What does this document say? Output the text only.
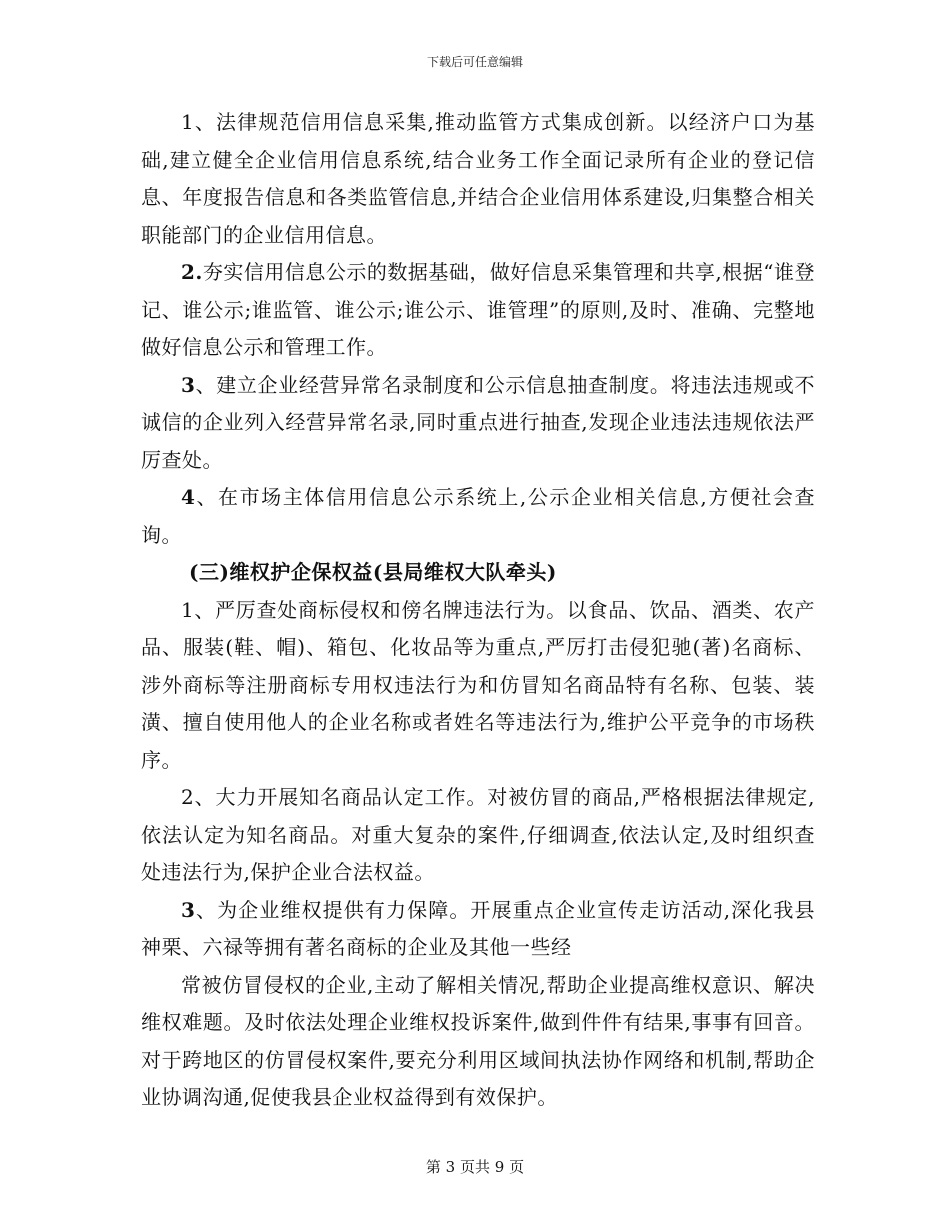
下载后可任意编辑

1、法律规范信用信息采集,推动监管方式集成创新。以经济户口为基础,建立健全企业信用信息系统,结合业务工作全面记录所有企业的登记信息、年度报告信息和各类监管信息,并结合企业信用体系建设,归集整合相关职能部门的企业信用信息。

2.夯实信用信息公示的数据基础，做好信息采集管理和共享,根据“谁登记、谁公示;谁监管、谁公示;谁公示、谁管理”的原则,及时、准确、完整地做好信息公示和管理工作。

3、建立企业经营异常名录制度和公示信息抽查制度。将违法违规或不诚信的企业列入经营异常名录,同时重点进行抽查,发现企业违法违规依法严厉查处。

4、在市场主体信用信息公示系统上,公示企业相关信息,方便社会查询。

(三)维权护企保权益(县局维权大队牵头)

1、严厉查处商标侵权和傍名牌违法行为。以食品、饮品、酒类、农产品、服装(鞋、帽)、箱包、化妆品等为重点,严厉打击侵犯驰(著)名商标、涉外商标等注册商标专用权违法行为和仿冒知名商品特有名称、包装、装潢、擅自使用他人的企业名称或者姓名等违法行为,维护公平竞争的市场秩序。

2、大力开展知名商品认定工作。对被仿冒的商品,严格根据法律规定,依法认定为知名商品。对重大复杂的案件,仔细调查,依法认定,及时组织查处违法行为,保护企业合法权益。

3、为企业维权提供有力保障。开展重点企业宣传走访活动,深化我县神栗、六禄等拥有著名商标的企业及其他一些经

常被仿冒侵权的企业,主动了解相关情况,帮助企业提高维权意识、解决维权难题。及时依法处理企业维权投诉案件,做到件件有结果,事事有回音。对于跨地区的仿冒侵权案件,要充分利用区域间执法协作网络和机制,帮助企业协调沟通,促使我县企业权益得到有效保护。

第 3 页共 9 页
